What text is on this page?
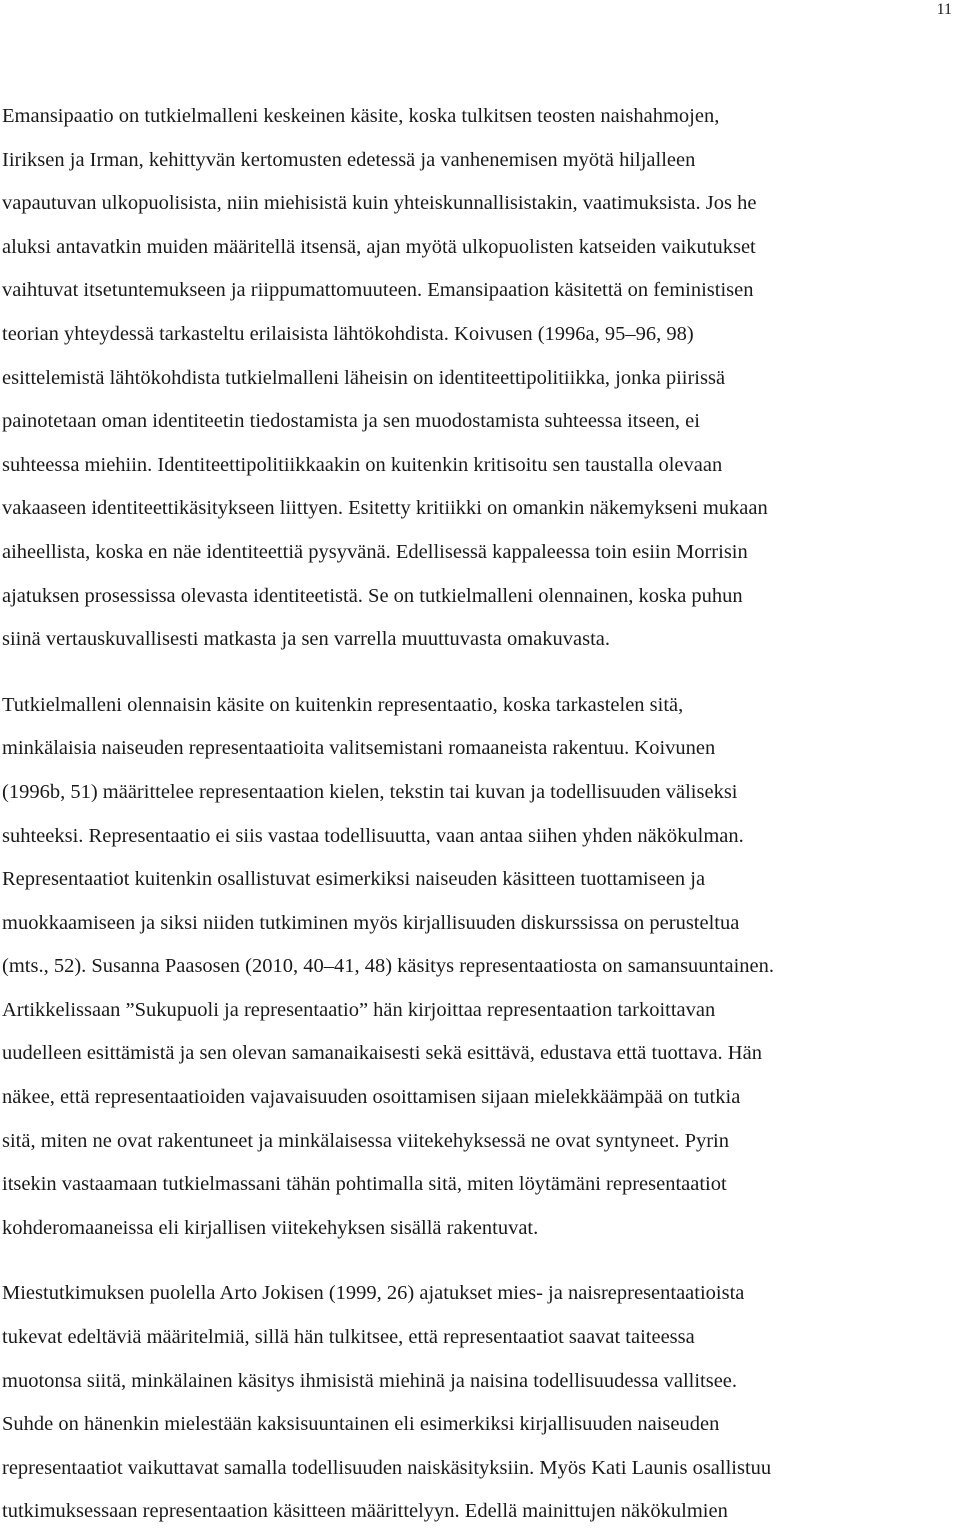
11

Emansipaatio on tutkielmalleni keskeinen käsite, koska tulkitsen teosten naishahmojen,
Iiriksen ja Irman, kehittyvän kertomusten edetessä ja vanhenemisen myötä hiljalleen
vapautuvan ulkopuolisista, niin miehisistä kuin yhteiskunnallisistakin, vaatimuksista. Jos he
aluksi antavatkin muiden määritellä itsensä, ajan myötä ulkopuolisten katseiden vaikutukset
vaihtuvat itsetuntemukseen ja riippumattomuuteen. Emansipaation käsitettä on feministisen
teorian yhteydessä tarkasteltu erilaisista lähtökohdista. Koivusen (1996a, 95–96, 98)
esittelemistä lähtökohdista tutkielmalleni läheisin on identiteettipolitiikka, jonka piirissä
painotetaan oman identiteetin tiedostamista ja sen muodostamista suhteessa itseen, ei
suhteessa miehiin. Identiteettipolitiikkaakin on kuitenkin kritisoitu sen taustalla olevaan
vakaaseen identiteettikäsitykseen liittyen. Esitetty kritiikki on omankin näkemykseni mukaan
aiheellista, koska en näe identiteettiä pysyvänä. Edellisessä kappaleessa toin esiin Morrisin
ajatuksen prosessissa olevasta identiteetistä. Se on tutkielmalleni olennainen, koska puhun
siinä vertauskuvallisesti matkasta ja sen varrella muuttuvasta omakuvasta.

Tutkielmalleni olennaisin käsite on kuitenkin representaatio, koska tarkastelen sitä,
minkälaisia naiseuden representaatioita valitsemistani romaaneista rakentuu. Koivunen
(1996b, 51) määrittelee representaation kielen, tekstin tai kuvan ja todellisuuden väliseksi
suhteeksi. Representaatio ei siis vastaa todellisuutta, vaan antaa siihen yhden näkökulman.
Representaatiot kuitenkin osallistuvat esimerkiksi naiseuden käsitteen tuottamiseen ja
muokkaamiseen ja siksi niiden tutkiminen myös kirjallisuuden diskurssissa on perusteltua
(mts., 52). Susanna Paasosen (2010, 40–41, 48) käsitys representaatiosta on samansuuntainen.
Artikkelissaan ”Sukupuoli ja representaatio” hän kirjoittaa representaation tarkoittavan
uudelleen esittämistä ja sen olevan samanaikaisesti sekä esittävä, edustava että tuottava. Hän
näkee, että representaatioiden vajavaisuuden osoittamisen sijaan mielekkäämpää on tutkia
sitä, miten ne ovat rakentuneet ja minkälaisessa viitekehyksessä ne ovat syntyneet. Pyrin
itsekin vastaamaan tutkielmassani tähän pohtimalla sitä, miten löytämäni representaatiot
kohderomaaneissa eli kirjallisen viitekehyksen sisällä rakentuvat.

Miestutkimuksen puolella Arto Jokisen (1999, 26) ajatukset mies- ja naisrepresentaatioista
tukevat edeltäviä määritelmiä, sillä hän tulkitsee, että representaatiot saavat taiteessa
muotonsa siitä, minkälainen käsitys ihmisistä miehinä ja naisina todellisuudessa vallitsee.
Suhde on hänenkin mielestään kaksisuuntainen eli esimerkiksi kirjallisuuden naiseuden
representaatiot vaikuttavat samalla todellisuuden naiskäsityksiin. Myös Kati Launis osallistuu
tutkimuksessaan representaation käsitteen määrittelyyn. Edellä mainittujen näkökulmien
